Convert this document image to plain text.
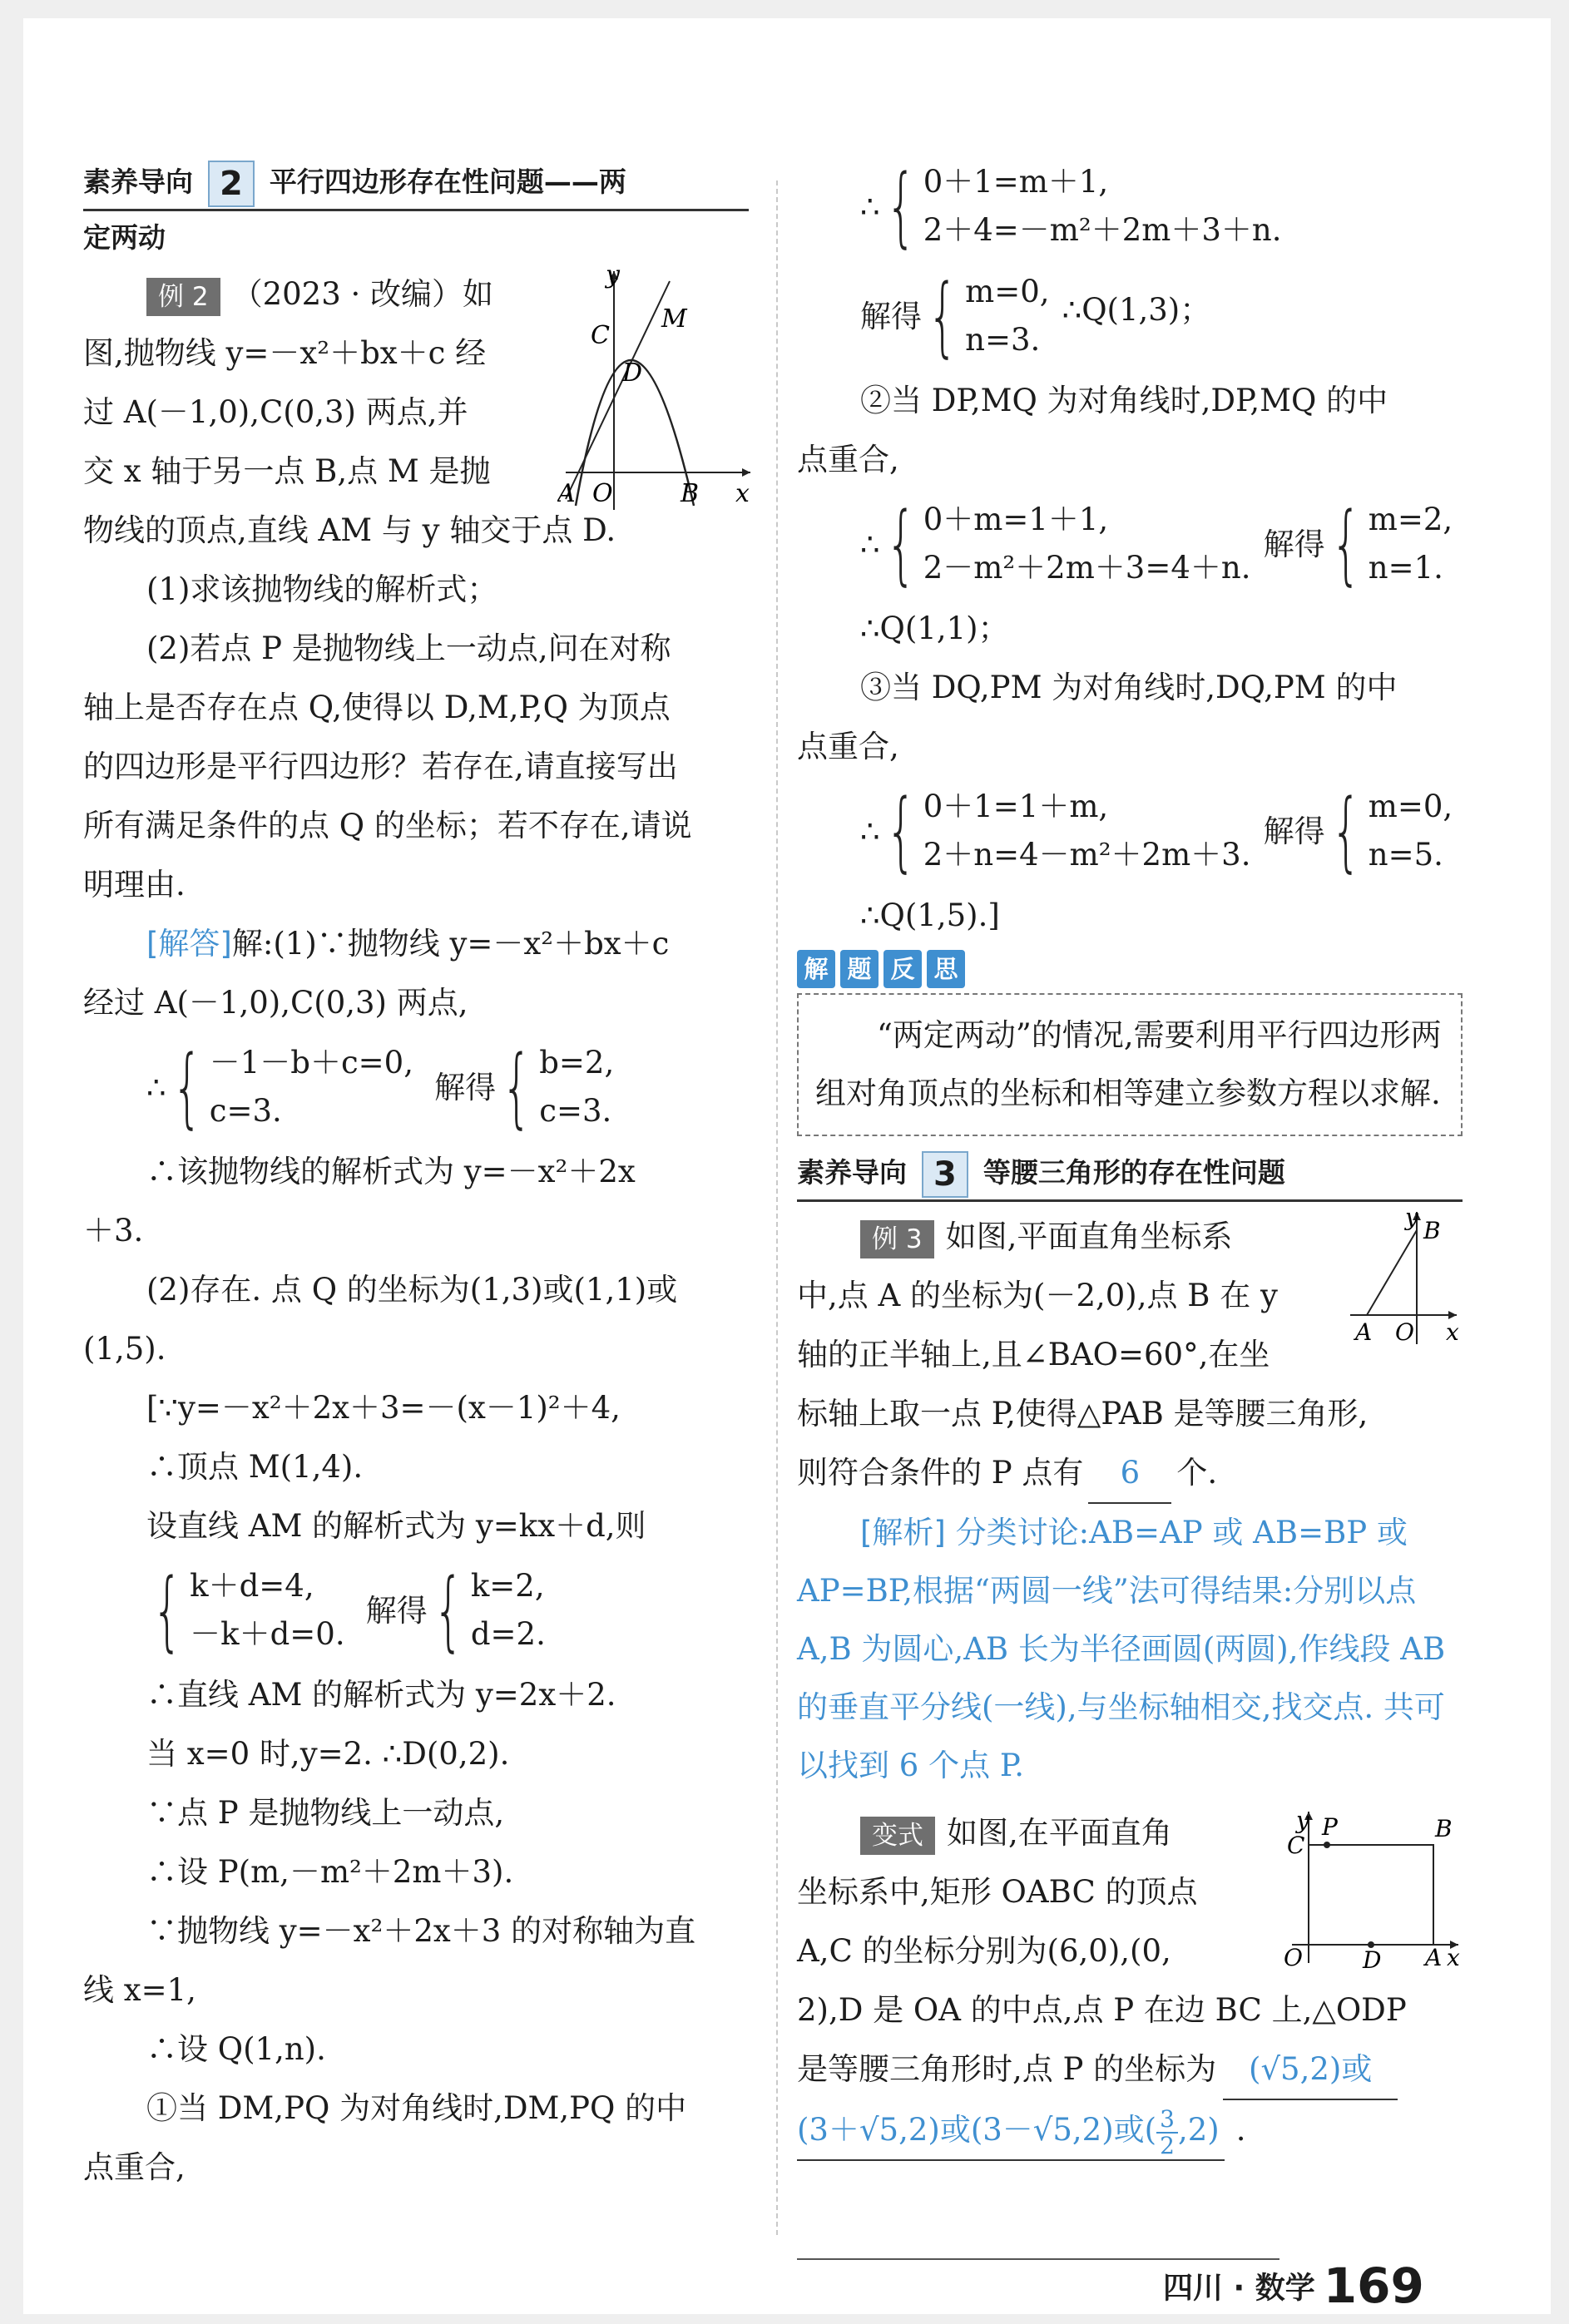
素养导向 2 平行四边形存在性问题——两
定两动
y
x
C
M
D
A O	B
例 2 （2023 · 改编）如
图,抛物线 y=－x²＋bx＋c 经
过 A(－1,0),C(0,3) 两点,并
交 x 轴于另一点 B,点 M 是抛
物线的顶点,直线 AM 与 y 轴交于点 D.
(1)求该抛物线的解析式；
(2)若点 P 是抛物线上一动点,问在对称
轴上是否存在点 Q,使得以 D,M,P,Q 为顶点
的四边形是平行四边形？若存在,请直接写出
所有满足条件的点 Q 的坐标；若不存在,请说
明理由.
[解答]解:(1)∵抛物线 y=－x²＋bx＋c
经过 A(－1,0),C(0,3) 两点,
∴ { －1－b＋c=0,
c=3.

解得 { b=2,
c=3.
∴该抛物线的解析式为 y=－x²＋2x
＋3.
(2)存在. 点 Q 的坐标为(1,3)或(1,1)或
(1,5).
[∵y=－x²＋2x＋3=－(x－1)²＋4,
∴顶点 M(1,4).
设直线 AM 的解析式为 y=kx＋d,则
{ k＋d=4,
－k＋d=0.

解得 { k=2,
d=2.
∴直线 AM 的解析式为 y=2x＋2.
当 x=0 时,y=2. ∴D(0,2).
∵点 P 是抛物线上一动点,
∴设 P(m,－m²＋2m＋3).
∵抛物线 y=－x²＋2x＋3 的对称轴为直
线 x=1,
∴设 Q(1,n).
①当 DM,PQ 为对角线时,DM,PQ 的中
点重合,
∴ { 0＋1=m＋1,
2＋4=－m²＋2m＋3＋n.
解得 { m=0,
n=3.
∴Q(1,3)；
②当 DP,MQ 为对角线时,DP,MQ 的中
点重合,
∴ { 0＋m=1＋1,
2－m²＋2m＋3=4＋n.

解得 { m=2,
n=1.
∴Q(1,1)；
③当 DQ,PM 为对角线时,DQ,PM 的中
点重合,
∴ { 0＋1=1＋m,
2＋n=4－m²＋2m＋3.

解得 { m=0,
n=5.
∴Q(1,5).]
解 题 反 思
“两定两动”的情况,需要利用平行四边形两组对角顶点的坐标和相等建立参数方程以求解.
素养导向 3 等腰三角形的存在性问题
y B
A O x
例 3 如图,平面直角坐标系
中,点 A 的坐标为(－2,0),点 B 在 y
轴的正半轴上,且∠BAO=60°,在坐
标轴上取一点 P,使得△PAB 是等腰三角形,
则符合条件的 P 点有 6 个.
[解析] 分类讨论:AB=AP 或 AB=BP 或 AP=BP,根据“两圆一线”法可得结果:分别以点 A,B 为圆心,AB 长为半径画圆(两圆),作线段 AB 的垂直平分线(一线),与坐标轴相交,找交点. 共可以找到 6 个点 P.
y P	B
C
O	D A x
变式 如图,在平面直角
坐标系中,矩形 OABC 的顶点
A,C 的坐标分别为(6,0),(0,
2),D 是 OA 的中点,点 P 在边 BC 上,△ODP
是等腰三角形时,点 P 的坐标为 (√5,2)或
(3＋√5,2)或(3－√5,2)或( $\frac{3}{2} ,2$) .
四川 · 数学 169
